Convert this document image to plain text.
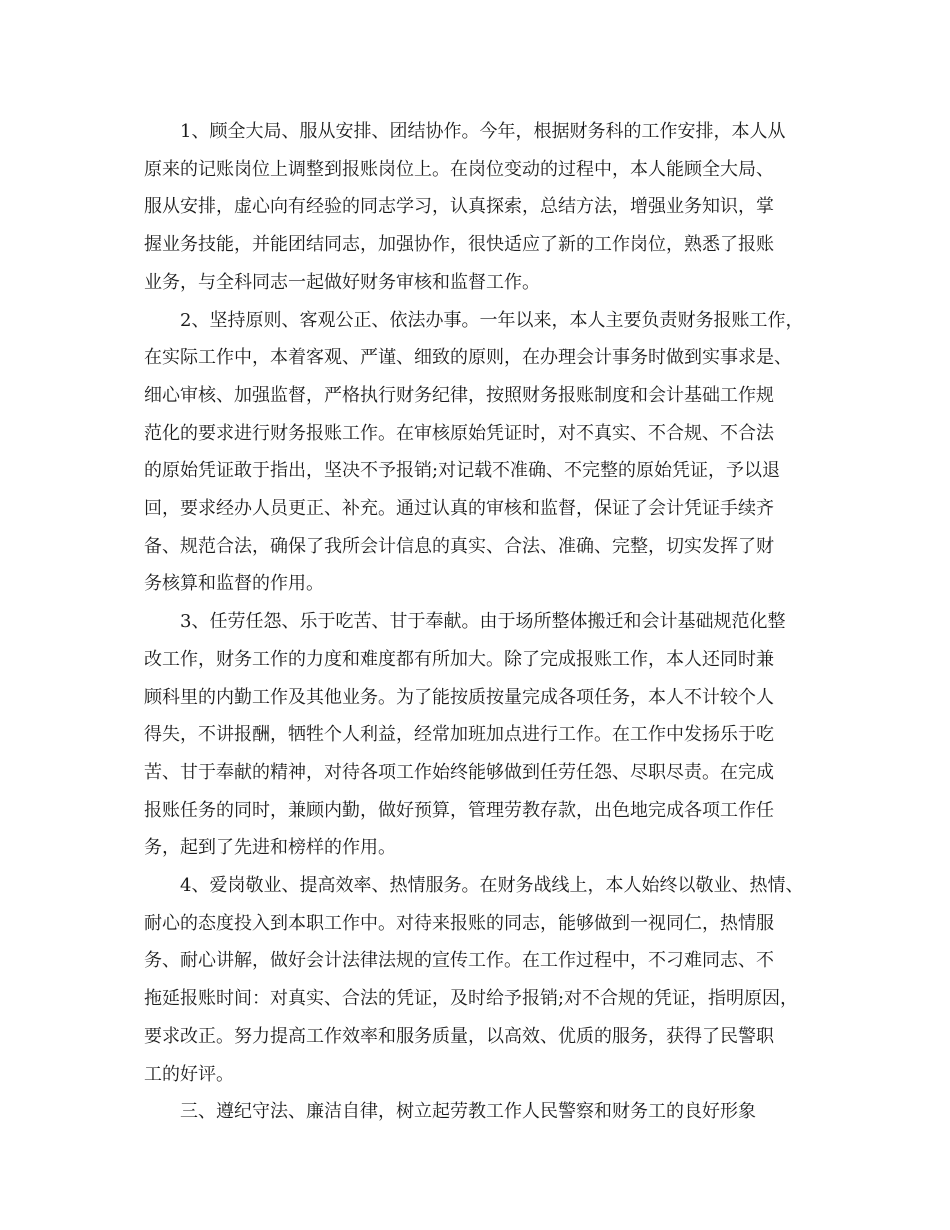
1、顾全大局、服从安排、团结协作。今年，根据财务科的工作安排，本人从
原来的记账岗位上调整到报账岗位上。在岗位变动的过程中，本人能顾全大局、
服从安排，虚心向有经验的同志学习，认真探索，总结方法，增强业务知识，掌
握业务技能，并能团结同志，加强协作，很快适应了新的工作岗位，熟悉了报账
业务，与全科同志一起做好财务审核和监督工作。

2、坚持原则、客观公正、依法办事。一年以来，本人主要负责财务报账工作，
在实际工作中，本着客观、严谨、细致的原则，在办理会计事务时做到实事求是、
细心审核、加强监督，严格执行财务纪律，按照财务报账制度和会计基础工作规
范化的要求进行财务报账工作。在审核原始凭证时，对不真实、不合规、不合法
的原始凭证敢于指出，坚决不予报销;对记载不准确、不完整的原始凭证，予以退
回，要求经办人员更正、补充。通过认真的审核和监督，保证了会计凭证手续齐
备、规范合法，确保了我所会计信息的真实、合法、准确、完整，切实发挥了财
务核算和监督的作用。

3、任劳任怨、乐于吃苦、甘于奉献。由于场所整体搬迁和会计基础规范化整
改工作，财务工作的力度和难度都有所加大。除了完成报账工作，本人还同时兼
顾科里的内勤工作及其他业务。为了能按质按量完成各项任务，本人不计较个人
得失，不讲报酬，牺牲个人利益，经常加班加点进行工作。在工作中发扬乐于吃
苦、甘于奉献的精神，对待各项工作始终能够做到任劳任怨、尽职尽责。在完成
报账任务的同时，兼顾内勤，做好预算，管理劳教存款，出色地完成各项工作任
务，起到了先进和榜样的作用。

4、爱岗敬业、提高效率、热情服务。在财务战线上，本人始终以敬业、热情、
耐心的态度投入到本职工作中。对待来报账的同志，能够做到一视同仁，热情服
务、耐心讲解，做好会计法律法规的宣传工作。在工作过程中，不刁难同志、不
拖延报账时间：对真实、合法的凭证，及时给予报销;对不合规的凭证，指明原因，
要求改正。努力提高工作效率和服务质量，以高效、优质的服务，获得了民警职
工的好评。

三、遵纪守法、廉洁自律，树立起劳教工作人民警察和财务工的良好形象
